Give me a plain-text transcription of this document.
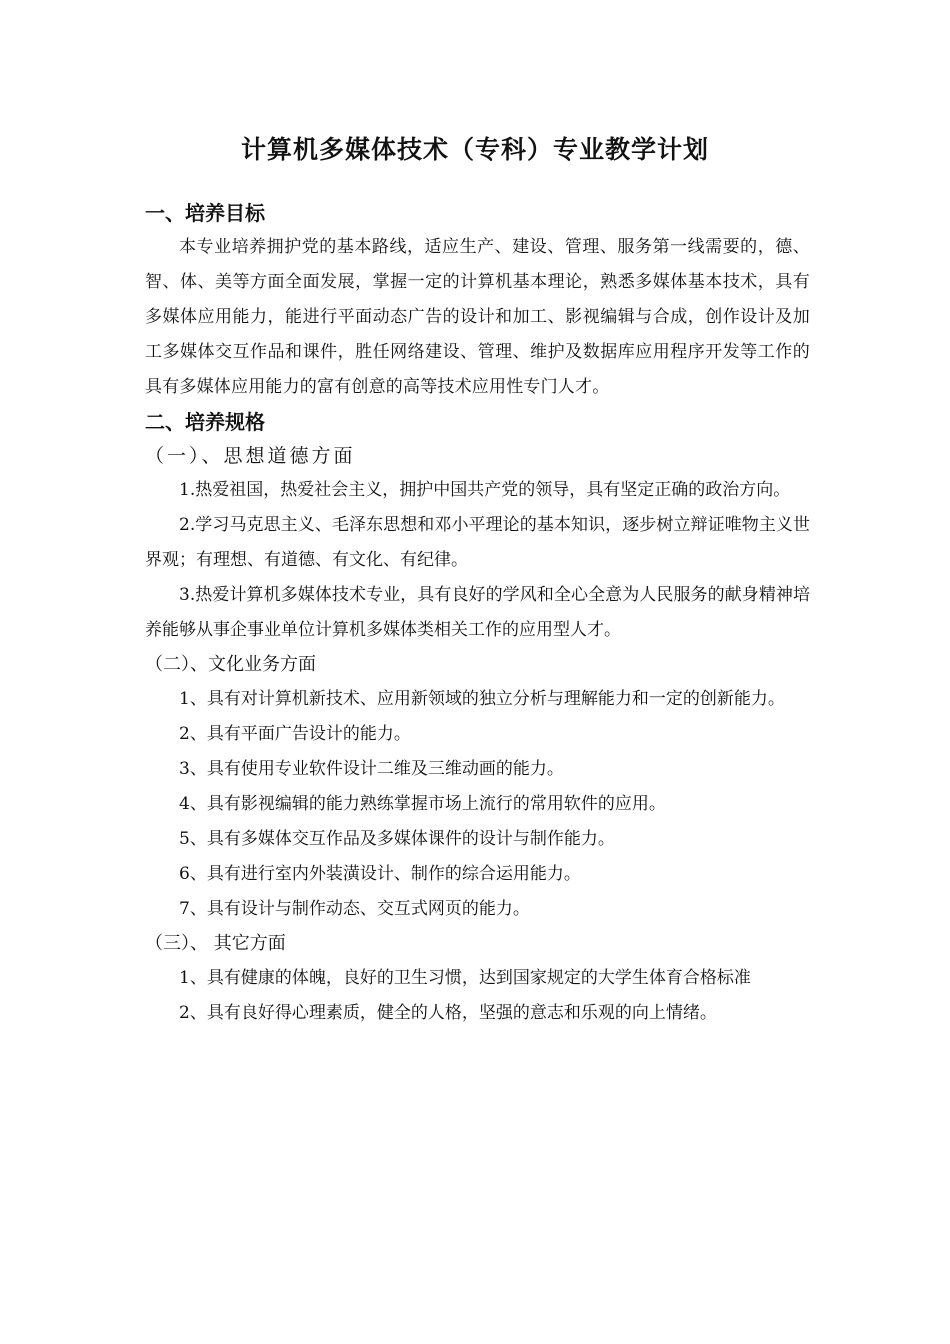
计算机多媒体技术（专科）专业教学计划

一、培养目标

本专业培养拥护党的基本路线，适应生产、建设、管理、服务第一线需要的，德、智、体、美等方面全面发展，掌握一定的计算机基本理论，熟悉多媒体基本技术，具有多媒体应用能力，能进行平面动态广告的设计和加工、影视编辑与合成，创作设计及加工多媒体交互作品和课件，胜任网络建设、管理、维护及数据库应用程序开发等工作的具有多媒体应用能力的富有创意的高等技术应用性专门人才。

二、培养规格

（一）、思想道德方面

1.热爱祖国，热爱社会主义，拥护中国共产党的领导，具有坚定正确的政治方向。

2.学习马克思主义、毛泽东思想和邓小平理论的基本知识，逐步树立辩证唯物主义世界观；有理想、有道德、有文化、有纪律。

3.热爱计算机多媒体技术专业，具有良好的学风和全心全意为人民服务的献身精神培养能够从事企事业单位计算机多媒体类相关工作的应用型人才。

（二）、文化业务方面

1、具有对计算机新技术、应用新领域的独立分析与理解能力和一定的创新能力。

2、具有平面广告设计的能力。

3、具有使用专业软件设计二维及三维动画的能力。

4、具有影视编辑的能力熟练掌握市场上流行的常用软件的应用。

5、具有多媒体交互作品及多媒体课件的设计与制作能力。

6、具有进行室内外装潢设计、制作的综合运用能力。

7、具有设计与制作动态、交互式网页的能力。

（三）、 其它方面

1、具有健康的体魄，良好的卫生习惯，达到国家规定的大学生体育合格标准

2、具有良好得心理素质，健全的人格，坚强的意志和乐观的向上情绪。
